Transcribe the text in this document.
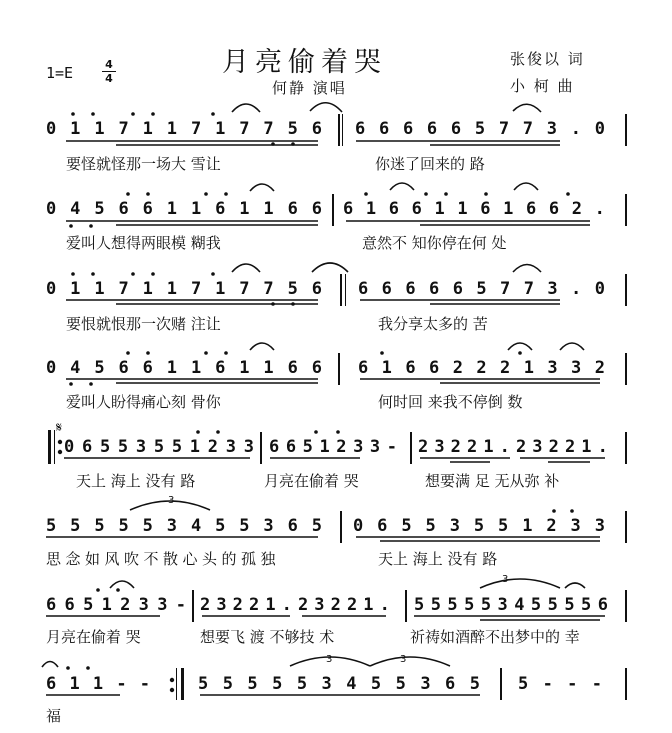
月亮偷着哭
何静 演唱
张俊以 词
小 柯 曲
1=E	4
4
0 1 1 7 1 1 7 1 7 7 5 6 6 6 6 6 6 5 7 7 3 . 0
要怪就怪那一场大 雪让	你迷了回来的 路
0 4 5 6 6 1 1 6 1 1 6 6 6 1 6 6 1 1 6 1 6 6 2 .
爱叫人想得两眼模 糊我	意然不 知你停在何 处
0 1 1 7 1 1 7 1 7 7 5 6 6 6 6 6 6 5 7 7 3 . 0
要恨就恨那一次赌 注让	我分享太多的 苦
0 4 5 6 6 1 1 6 1 1 6 6 6 1 6 6 2 2 2 1 3 3 2
爱叫人盼得痛心刻 骨你	何时回 来我不停倒 数
0 6 5 5 3 5 5 1 2 3 3 6 6 5 1 2 3 3 - 2 3 2 2 1 . 2 3 2 2 1 .
天上 海上 没有 路	月亮在偷着 哭	想要满 足 无从弥 补
5 5 5 5 5 3 4 5 5 3 6 5 0 6 5 5 3 5 5 1 2 3 3
思念如风吹不散心头的孤独	天上 海上 没有 路
6 6 5 1 2 3 3 - 2 3 2 2 1 . 2 3 2 2 1 . 5 5 5 5 5 3 4 5 5 5 5 6
月亮在偷着 哭	想要飞 渡 不够技 术	祈祷如酒醉不出梦中的 幸
6 1 1 - -	5 5 5 5 5 3 4 5 5 3 6 5 5 - - -
福
3
3
3	3
𝄋
